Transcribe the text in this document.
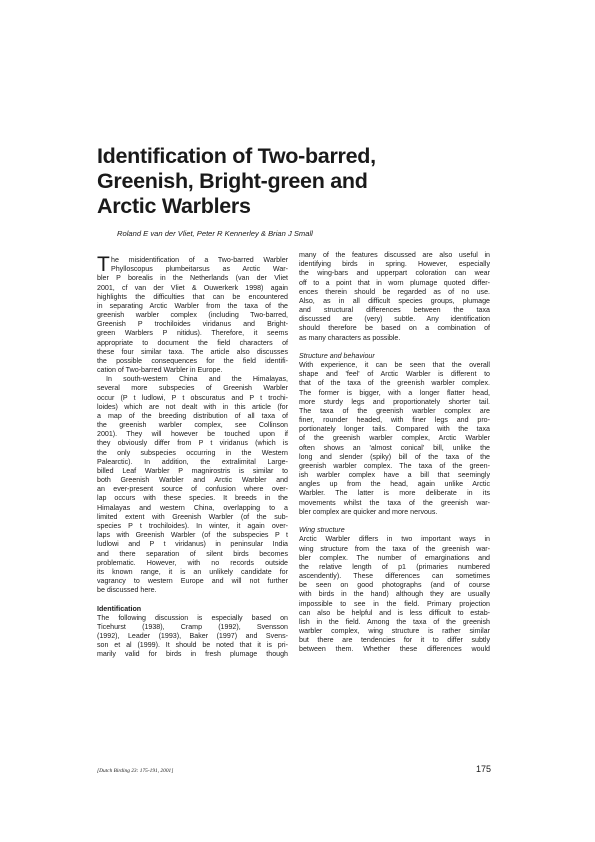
Identification of Two-barred,
Greenish, Bright-green and
Arctic Warblers
Roland E van der Vliet, Peter R Kennerley & Brian J Small
T he misidentification of a Two-barred Warbler
Phylloscopus plumbeitarsus as Arctic War-
bler P borealis in the Netherlands (van der Vliet
2001, cf van der Vliet & Ouwerkerk 1998) again
highlights the difficulties that can be encountered
in separating Arctic Warbler from the taxa of the
greenish warbler complex (including Two-barred,
Greenish P trochiloides viridanus and Bright-
green Warblers P nitidus). Therefore, it seems
appropriate to document the field characters of
these four similar taxa. The article also discusses
the possible consequences for the field identifi-
cation of Two-barred Warbler in Europe.
In south-western China and the Himalayas,
several more subspecies of Greenish Warbler
occur (P t ludlowi, P t obscuratus and P t trochi-
loides) which are not dealt with in this article (for
a map of the breeding distribution of all taxa of
the greenish warbler complex, see Collinson
2001). They will however be touched upon if
they obviously differ from P t viridanus (which is
the only subspecies occurring in the Western
Palearctic). In addition, the extralimital Large-
billed Leaf Warbler P magnirostris is similar to
both Greenish Warbler and Arctic Warbler and
an ever-present source of confusion where over-
lap occurs with these species. It breeds in the
Himalayas and western China, overlapping to a
limited extent with Greenish Warbler (of the sub-
species P t trochiloides). In winter, it again over-
laps with Greenish Warbler (of the subspecies P t
ludlowi and P t viridanus) in peninsular India
and there separation of silent birds becomes
problematic. However, with no records outside
its known range, it is an unlikely candidate for
vagrancy to western Europe and will not further
be discussed here.
Identification
The following discussion is especially based on
Ticehurst (1938), Cramp (1992), Svensson
(1992), Leader (1993), Baker (1997) and Svens-
son et al (1999). It should be noted that it is pri-
marily valid for birds in fresh plumage though
many of the features discussed are also useful in
identifying birds in spring. However, especially
the wing-bars and upperpart coloration can wear
off to a point that in worn plumage quoted differ-
ences therein should be regarded as of no use.
Also, as in all difficult species groups, plumage
and structural differences between the taxa
discussed are (very) subtle. Any identification
should therefore be based on a combination of
as many characters as possible.
Structure and behaviour
With experience, it can be seen that the overall
shape and 'feel' of Arctic Warbler is different to
that of the taxa of the greenish warbler complex.
The former is bigger, with a longer flatter head,
more sturdy legs and proportionately shorter tail.
The taxa of the greenish warbler complex are
finer, rounder headed, with finer legs and pro-
portionately longer tails. Compared with the taxa
of the greenish warbler complex, Arctic Warbler
often shows an 'almost conical' bill, unlike the
long and slender (spiky) bill of the taxa of the
greenish warbler complex. The taxa of the green-
ish warbler complex have a bill that seemingly
angles up from the head, again unlike Arctic
Warbler. The latter is more deliberate in its
movements whilst the taxa of the greenish war-
bler complex are quicker and more nervous.
Wing structure
Arctic Warbler differs in two important ways in
wing structure from the taxa of the greenish war-
bler complex. The number of emarginations and
the relative length of p1 (primaries numbered
ascendently). These differences can sometimes
be seen on good photographs (and of course
with birds in the hand) although they are usually
impossible to see in the field. Primary projection
can also be helpful and is less difficult to estab-
lish in the field. Among the taxa of the greenish
warbler complex, wing structure is rather similar
but there are tendencies for it to differ subtly
between them. Whether these differences would
[Dutch Birding 23: 175-191, 2001]	175
